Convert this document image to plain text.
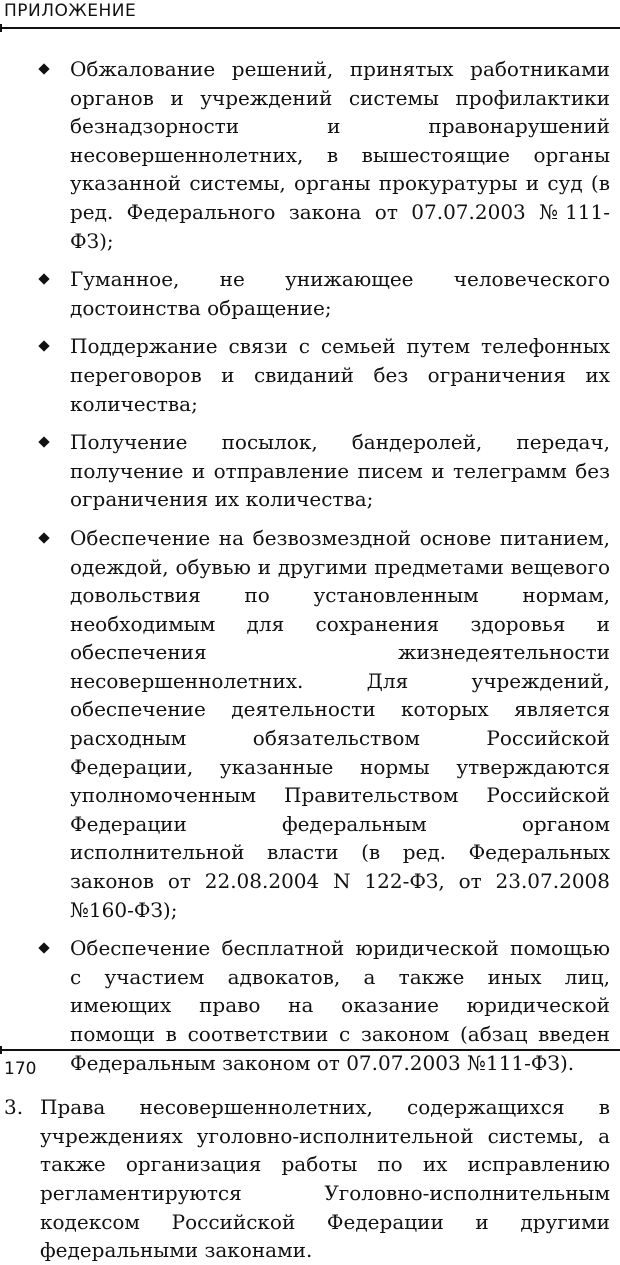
ПРИЛОЖЕНИЕ
Обжалование решений, принятых работниками органов и учреждений системы профилактики безнадзорности и правонарушений несовершеннолетних, в вышестоящие органы указанной системы, органы прокуратуры и суд (в ред. Федерального закона от 07.07.2003 №111-ФЗ);
Гуманное, не унижающее человеческого достоинства обращение;
Поддержание связи с семьей путем телефонных переговоров и свиданий без ограничения их количества;
Получение посылок, бандеролей, передач, получение и отправление писем и телеграмм без ограничения их количества;
Обеспечение на безвозмездной основе питанием, одеждой, обувью и другими предметами вещевого довольствия по установленным нормам, необходимым для сохранения здоровья и обеспечения жизнедеятельности несовершеннолетних. Для учреждений, обеспечение деятельности которых является расходным обязательством Российской Федерации, указанные нормы утверждаются уполномоченным Правительством Российской Федерации федеральным органом исполнительной власти (в ред. Федеральных законов от 22.08.2004 N 122-ФЗ, от 23.07.2008 №160-ФЗ);
Обеспечение бесплатной юридической помощью с участием адвокатов, а также иных лиц, имеющих право на оказание юридической помощи в соответствии с законом (абзац введен Федеральным законом от 07.07.2003 №111-ФЗ).
3. Права несовершеннолетних, содержащихся в учреждениях уголовно-исполнительной системы, а также организация работы по их исправлению регламентируются Уголовно-исполнительным кодексом Российской Федерации и другими федеральными законами.
170
